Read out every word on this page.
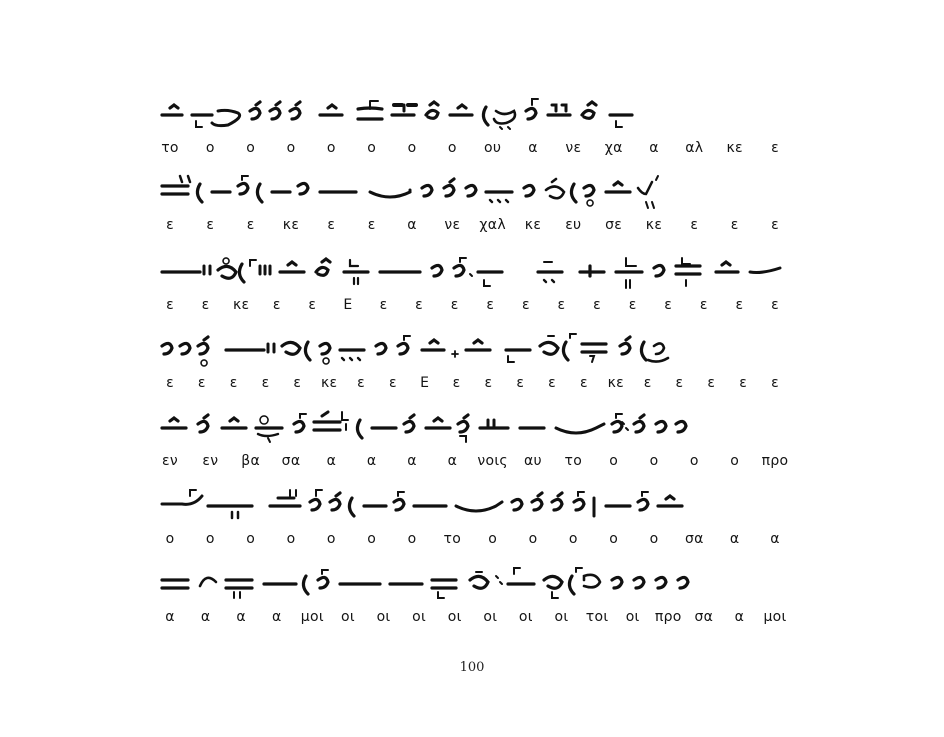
το ο ο ο ο ο ο ο ου α νε χα α αλ κε ε
ε ε ε κε ε ε α νε χαλ κε ευ σε κε ε ε ε
ε ε κε ε ε Ε ε ε ε ε ε ε ε ε ε ε ε ε
ε ε ε ε ε κε ε ε Ε ε ε ε ε ε κε ε ε ε ε ε
εν εν βα σα α α α α νοις αυ το ο ο ο ο προ
ο ο ο ο ο ο ο το ο ο ο ο ο σα α α
α α α α μοι οι οι οι οι οι οι οι τοι οι προ σα α μοι
100
